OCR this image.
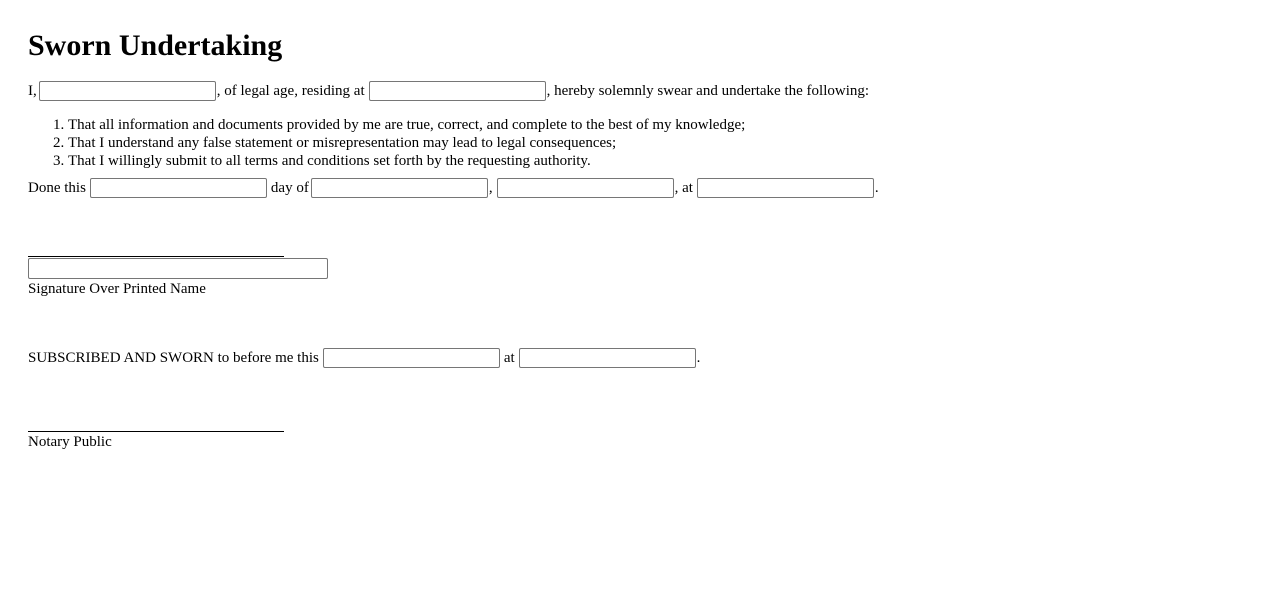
Sworn Undertaking
I,	, of legal age, residing at	, hereby solemnly swear and undertake the following:
1. That all information and documents provided by me are true, correct, and complete to the best of my knowledge;
2. That I understand any false statement or misrepresentation may lead to legal consequences;
3. That I willingly submit to all terms and conditions set forth by the requesting authority.
Done this	day of	,	, at	.
Signature Over Printed Name
SUBSCRIBED AND SWORN to before me this	at	.
Notary Public
